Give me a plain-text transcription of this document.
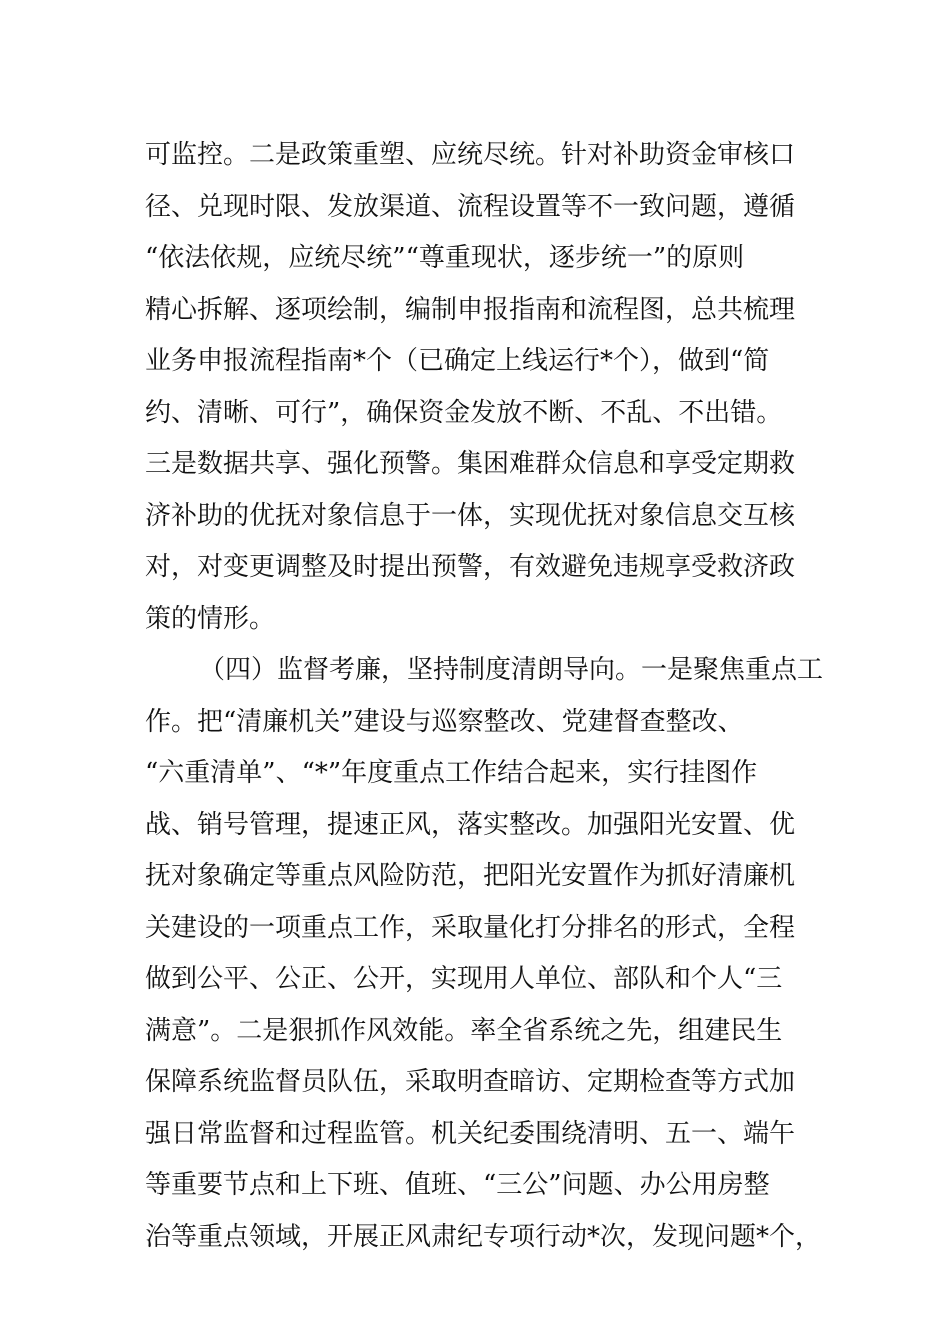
可监控。二是政策重塑、应统尽统。针对补助资金审核口
径、兑现时限、发放渠道、流程设置等不一致问题，遵循
“依法依规，应统尽统”“尊重现状，逐步统一”的原则
精心拆解、逐项绘制，编制申报指南和流程图，总共梳理
业务申报流程指南*个（已确定上线运行*个），做到“简
约、清晰、可行”，确保资金发放不断、不乱、不出错。
三是数据共享、强化预警。集困难群众信息和享受定期救
济补助的优抚对象信息于一体，实现优抚对象信息交互核
对，对变更调整及时提出预警，有效避免违规享受救济政
策的情形。
（四）监督考廉，坚持制度清朗导向。一是聚焦重点工
作。把“清廉机关”建设与巡察整改、党建督查整改、
“六重清单”、“*”年度重点工作结合起来，实行挂图作
战、销号管理，提速正风，落实整改。加强阳光安置、优
抚对象确定等重点风险防范，把阳光安置作为抓好清廉机
关建设的一项重点工作，采取量化打分排名的形式，全程
做到公平、公正、公开，实现用人单位、部队和个人“三
满意”。二是狠抓作风效能。率全省系统之先，组建民生
保障系统监督员队伍，采取明查暗访、定期检查等方式加
强日常监督和过程监管。机关纪委围绕清明、五一、端午
等重要节点和上下班、值班、“三公”问题、办公用房整
治等重点领域，开展正风肃纪专项行动*次，发现问题*个，
